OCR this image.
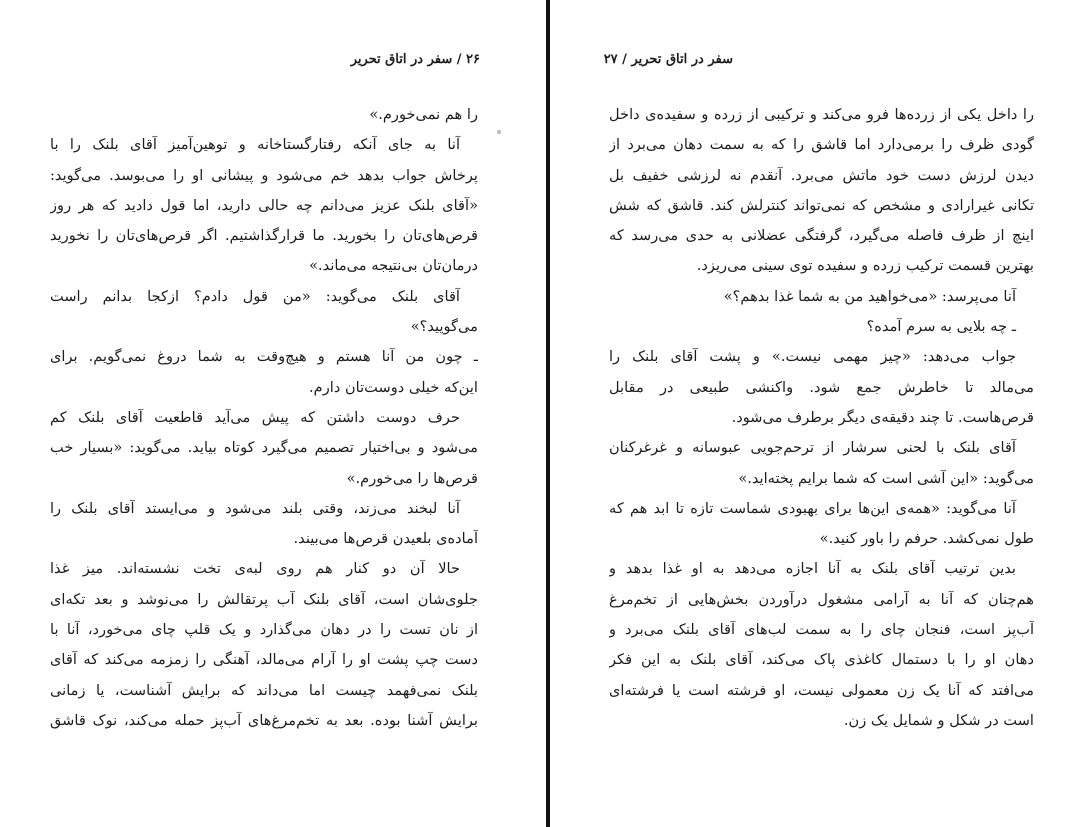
۲۶ / سفر در اتاق تحریر
را هم نمی‌خورم.»
آنا به جای آنکه رفتارگستاخانه و توهین‌آمیز آقای بلنک را با
پرخاش جواب بدهد خم می‌شود و پیشانی او را می‌بوسد. می‌گوید:
«آقای بلنک عزیز می‌دانم چه حالی دارید، اما قول دادید که هر روز
قرص‌های‌تان را بخورید. ما قرارگذاشتیم. اگر قرص‌های‌تان را نخورید
درمان‌تان بی‌نتیجه می‌ماند.»
آقای بلنک می‌گوید: «من قول دادم؟ ازکجا بدانم راست
می‌گویید؟»
ـ چون من آنا هستم و هیچ‌وقت به شما دروغ نمی‌گویم. برای
این‌که خیلی دوست‌تان دارم.
حرف دوست داشتن که پیش می‌آید قاطعیت آقای بلنک کم
می‌شود و بی‌اختیار تصمیم می‌گیرد کوتاه بیاید. می‌گوید: «بسیار خب
قرص‌ها را می‌خورم.»
آنا لبخند می‌زند، وقتی بلند می‌شود و می‌ایستد آقای بلنک را
آماده‌ی بلعیدن قرص‌ها می‌بیند.
حالا آن دو کنار هم روی لبه‌ی تخت نشسته‌اند. میز غذا
جلوی‌شان است، آقای بلنک آب پرتقالش را می‌نوشد و بعد تکه‌ای
از نان تست را در دهان می‌گذارد و یک قلپ چای می‌خورد، آنا با
دست چپ پشت او را آرام می‌مالد، آهنگی را زمزمه می‌کند که آقای
بلنک نمی‌فهمد چیست اما می‌داند که برایش آشناست، یا زمانی
برایش آشنا بوده. بعد به تخم‌مرغ‌های آب‌پز حمله می‌کند، نوک قاشق
سفر در اتاق تحریر / ۲۷
را داخل یکی از زرده‌ها فرو می‌کند و ترکیبی از زرده و سفیده‌ی داخل
گودی ظرف را برمی‌دارد اما قاشق را که به سمت دهان می‌برد از
دیدن لرزش دست خود ماتش می‌برد. آنقدم نه لرزشی خفیف بل
تکانی غیرارادی و مشخص که نمی‌تواند کنترلش کند. قاشق که شش
اینچ از ظرف فاصله می‌گیرد، گرفتگی عضلانی به حدی می‌رسد که
بهترین قسمت ترکیب زرده و سفیده توی سینی می‌ریزد.
آنا می‌پرسد: «می‌خواهید من به شما غذا بدهم؟»
ـ چه بلایی به سرم آمده؟
جواب می‌دهد: «چیز مهمی نیست.» و پشت آقای بلنک را
می‌مالد تا خاطرش جمع شود. واکنشی طبیعی در مقابل
قرص‌هاست. تا چند دقیقه‌ی دیگر برطرف می‌شود.
آقای بلنک با لحنی سرشار از ترحم‌جویی عبوسانه و غرغرکنان
می‌گوید: «این آشی است که شما برایم پخته‌اید.»
آنا می‌گوید: «همه‌ی این‌ها برای بهبودی شماست تازه تا ابد هم که
طول نمی‌کشد. حرفم را باور کنید.»
بدین ترتیب آقای بلنک به آنا اجازه می‌دهد به او غذا بدهد و
هم‌چنان که آنا به آرامی مشغول درآوردن بخش‌هایی از تخم‌مرغ
آب‌پز است، فنجان چای را به سمت لب‌های آقای بلنک می‌برد و
دهان او را با دستمال کاغذی پاک می‌کند، آقای بلنک به این فکر
می‌افتد که آنا یک زن معمولی نیست، او فرشته است یا فرشته‌ای
است در شکل و شمایل یک زن.
